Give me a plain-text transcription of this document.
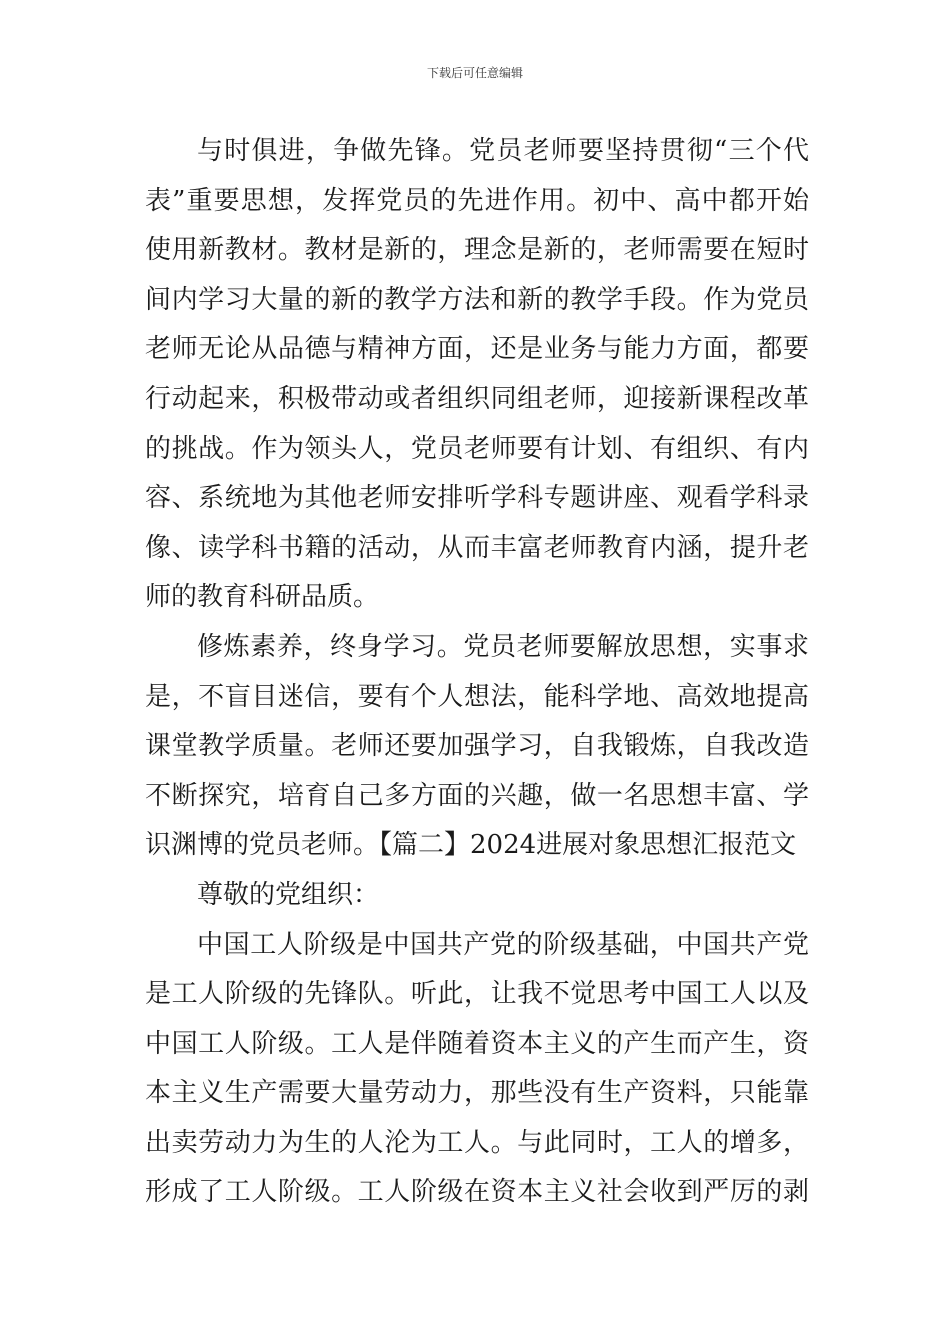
下载后可任意编辑
与时俱进，争做先锋。党员老师要坚持贯彻“三个代
表”重要思想，发挥党员的先进作用。初中、高中都开始
使用新教材。教材是新的，理念是新的，老师需要在短时
间内学习大量的新的教学方法和新的教学手段。作为党员
老师无论从品德与精神方面，还是业务与能力方面，都要
行动起来，积极带动或者组织同组老师，迎接新课程改革
的挑战。作为领头人，党员老师要有计划、有组织、有内
容、系统地为其他老师安排听学科专题讲座、观看学科录
像、读学科书籍的活动，从而丰富老师教育内涵，提升老
师的教育科研品质。
修炼素养，终身学习。党员老师要解放思想，实事求
是，不盲目迷信，要有个人想法，能科学地、高效地提高
课堂教学质量。老师还要加强学习，自我锻炼，自我改造
不断探究，培育自己多方面的兴趣，做一名思想丰富、学
识渊博的党员老师。【篇二】2024进展对象思想汇报范文
尊敬的党组织：
中国工人阶级是中国共产党的阶级基础，中国共产党
是工人阶级的先锋队。听此，让我不觉思考中国工人以及
中国工人阶级。工人是伴随着资本主义的产生而产生，资
本主义生产需要大量劳动力，那些没有生产资料，只能靠
出卖劳动力为生的人沦为工人。与此同时，工人的增多，
形成了工人阶级。工人阶级在资本主义社会收到严厉的剥
